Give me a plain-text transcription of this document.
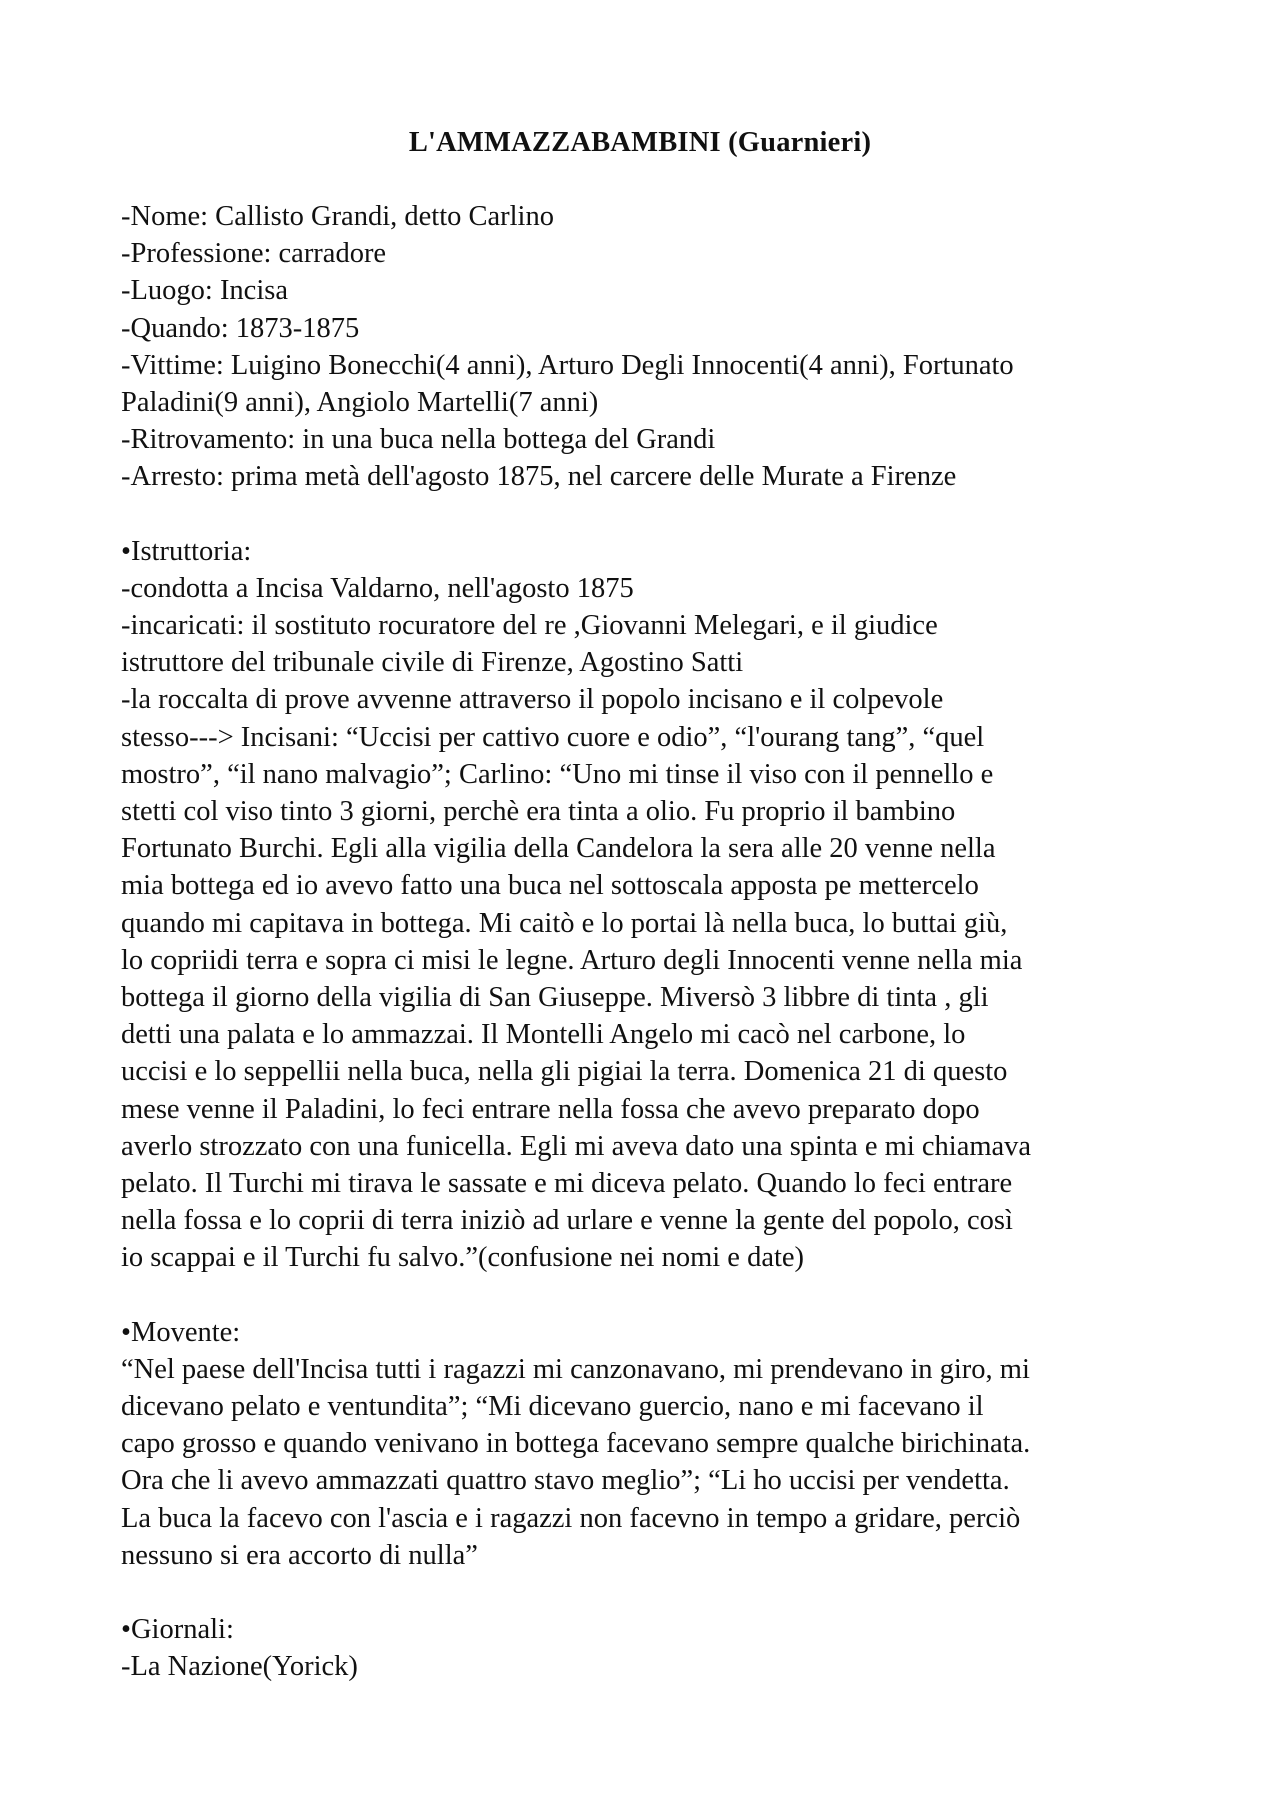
L'AMMAZZABAMBINI (Guarnieri)
-Nome: Callisto Grandi, detto Carlino
-Professione: carradore
-Luogo: Incisa
-Quando: 1873-1875
-Vittime: Luigino Bonecchi(4 anni), Arturo Degli Innocenti(4 anni), Fortunato
Paladini(9 anni), Angiolo Martelli(7 anni)
-Ritrovamento: in una buca nella bottega del Grandi
-Arresto: prima metà dell'agosto 1875, nel carcere delle Murate a Firenze
•Istruttoria:
-condotta a Incisa Valdarno, nell'agosto 1875
-incaricati: il sostituto rocuratore del re ,Giovanni Melegari, e il giudice
istruttore del tribunale civile di Firenze, Agostino Satti
-la roccalta di prove avvenne attraverso il popolo incisano e il colpevole
stesso---> Incisani: “Uccisi per cattivo cuore e odio”, “l'ourang tang”, “quel
mostro”, “il nano malvagio”; Carlino: “Uno mi tinse il viso con il pennello e
stetti col viso tinto 3 giorni, perchè era tinta a olio. Fu proprio il bambino
Fortunato Burchi. Egli alla vigilia della Candelora la sera alle 20 venne nella
mia bottega ed io avevo fatto una buca nel sottoscala apposta pe mettercelo
quando mi capitava in bottega. Mi caitò e lo portai là nella buca, lo buttai giù,
lo copriidi terra e sopra ci misi le legne. Arturo degli Innocenti venne nella mia
bottega il giorno della vigilia di San Giuseppe. Miversò 3 libbre di tinta , gli
detti una palata e lo ammazzai. Il Montelli Angelo mi cacò nel carbone, lo
uccisi e lo seppellii nella buca, nella gli pigiai la terra. Domenica 21 di questo
mese venne il Paladini, lo feci entrare nella fossa che avevo preparato dopo
averlo strozzato con una funicella. Egli mi aveva dato una spinta e mi chiamava
pelato. Il Turchi mi tirava le sassate e mi diceva pelato. Quando lo feci entrare
nella fossa e lo coprii di terra iniziò ad urlare e venne la gente del popolo, così
io scappai e il Turchi fu salvo.”(confusione nei nomi e date)
•Movente:
“Nel paese dell'Incisa tutti i ragazzi mi canzonavano, mi prendevano in giro, mi
dicevano pelato e ventundita”; “Mi dicevano guercio, nano e mi facevano il
capo grosso e quando venivano in bottega facevano sempre qualche birichinata.
Ora che li avevo ammazzati quattro stavo meglio”; “Li ho uccisi per vendetta.
La buca la facevo con l'ascia e i ragazzi non facevno in tempo a gridare, perciò
nessuno si era accorto di nulla”
•Giornali:
-La Nazione(Yorick)
